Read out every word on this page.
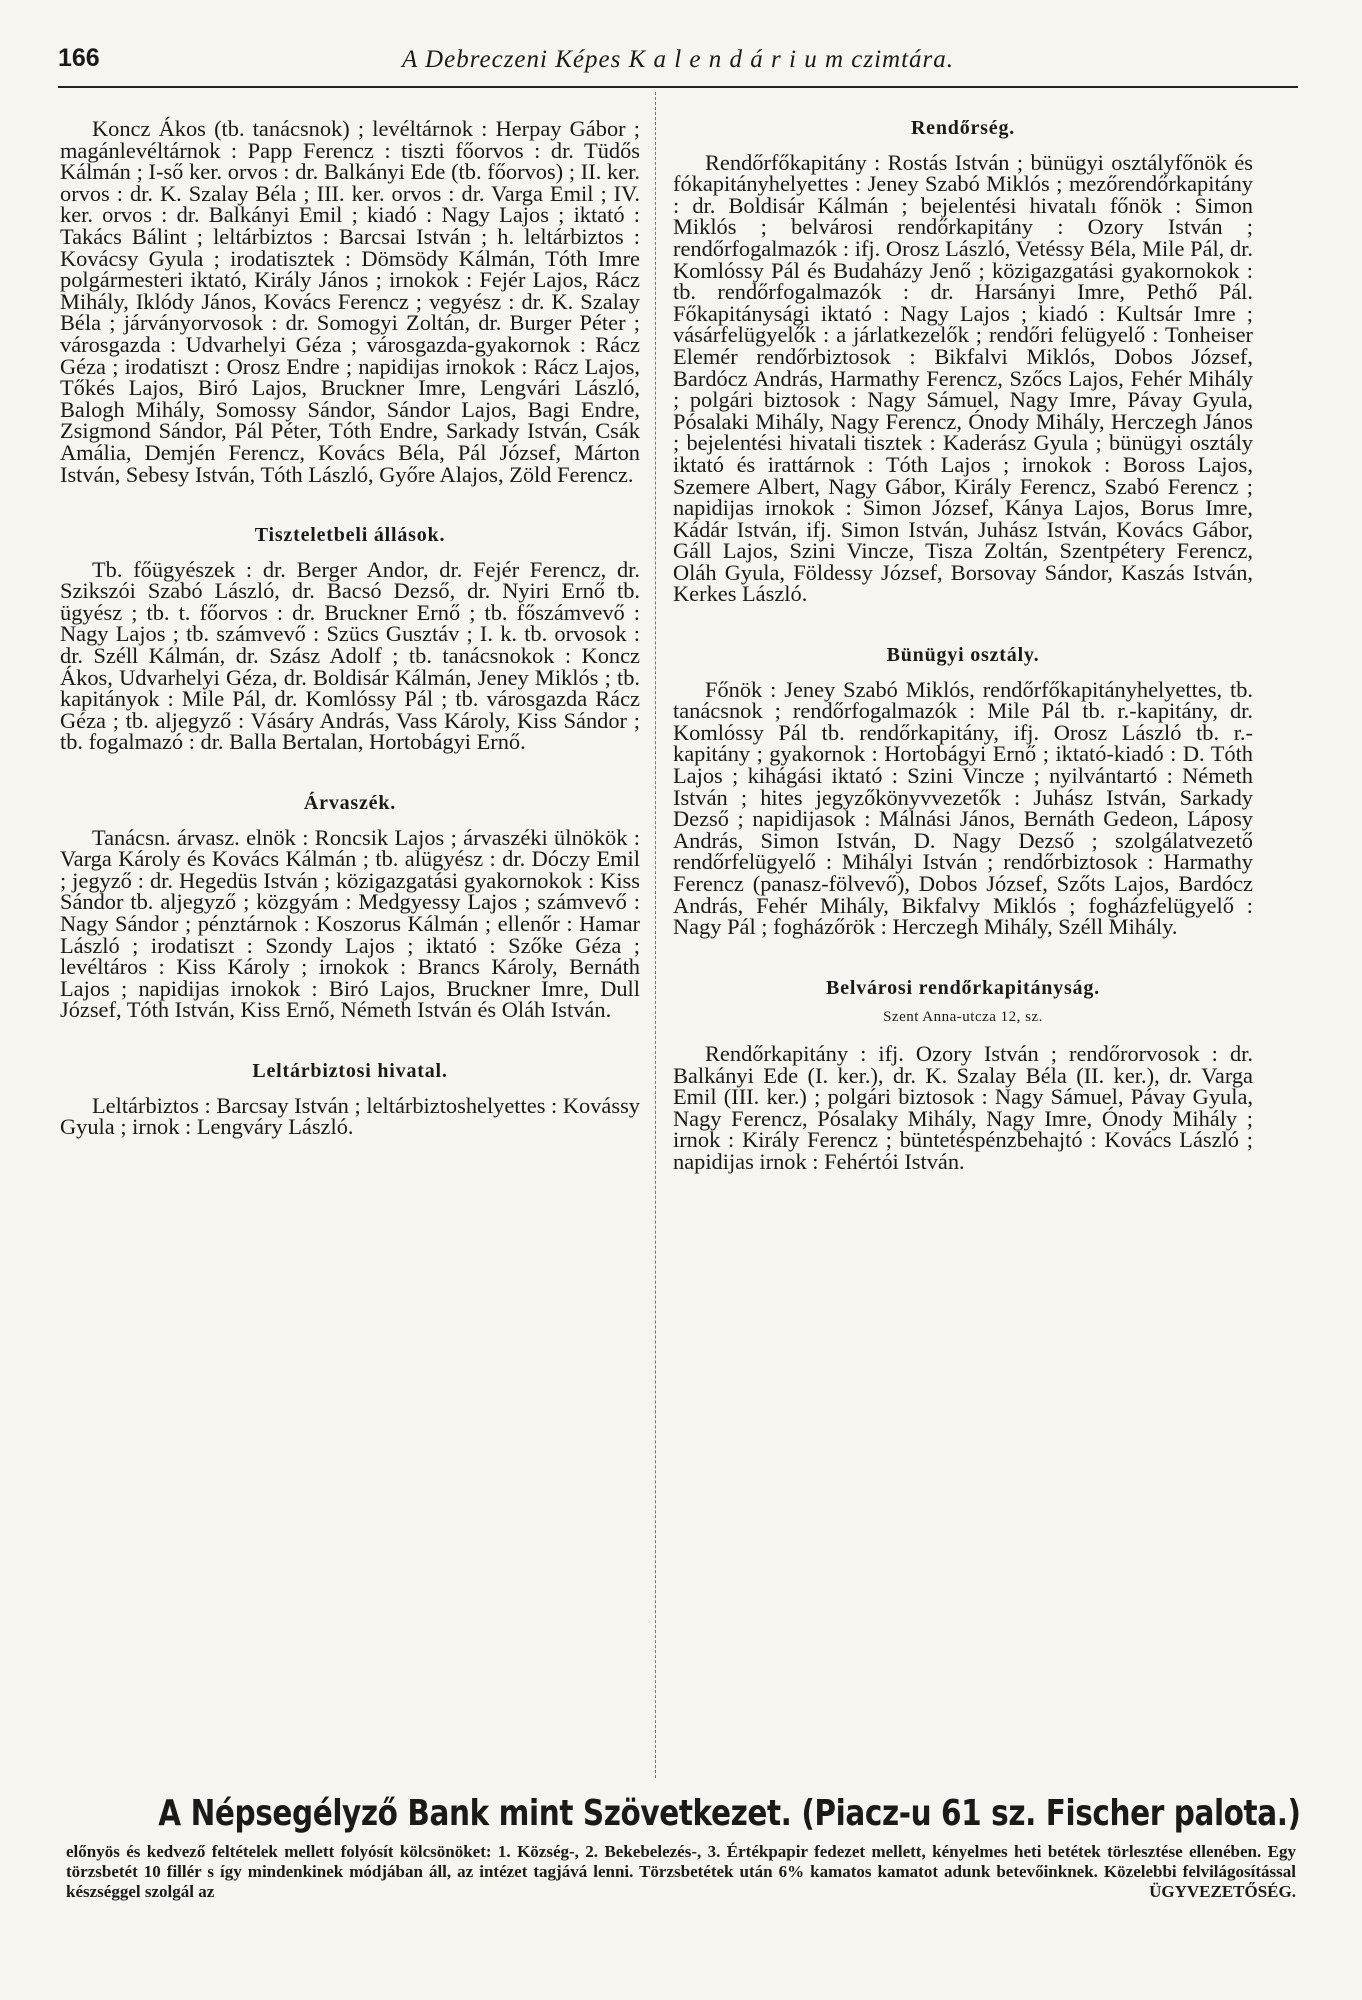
166	A Debreczeni Képes K a l e n d á r i u m czimtára.

Koncz Ákos (tb. tanácsnok) ; levéltárnok : Herpay Gábor ; magánlevéltárnok : Papp Ferencz : tiszti főorvos : dr. Tüdős Kálmán ; I-ső ker. orvos : dr. Balkányi Ede (tb. főorvos) ; II. ker. orvos : dr. K. Szalay Béla ; III. ker. orvos : dr. Varga Emil ; IV. ker. orvos : dr. Balkányi Emil ; kiadó : Nagy Lajos ; iktató : Takács Bálint ; leltárbiztos : Barcsai István ; h. leltárbiztos : Kovácsy Gyula ; irodatisztek : Dömsödy Kálmán, Tóth Imre polgármesteri iktató, Király János ; irnokok : Fejér Lajos, Rácz Mihály, Iklódy János, Kovács Ferencz ; vegyész : dr. K. Szalay Béla ; járványorvosok : dr. Somogyi Zoltán, dr. Burger Péter ; városgazda : Udvarhelyi Géza ; városgazda-gyakornok : Rácz Géza ; irodatiszt : Orosz Endre ; napidijas irnokok : Rácz Lajos, Tőkés Lajos, Biró Lajos, Bruckner Imre, Lengvári László, Balogh Mihály, Somossy Sándor, Sándor Lajos, Bagi Endre, Zsigmond Sándor, Pál Péter, Tóth Endre, Sarkady István, Csák Amália, Demjén Ferencz, Kovács Béla, Pál József, Márton István, Sebesy István, Tóth László, Győre Alajos, Zöld Ferencz.

Tiszteletbeli állások.

Tb. főügyészek : dr. Berger Andor, dr. Fejér Ferencz, dr. Szikszói Szabó László, dr. Bacsó Dezső, dr. Nyiri Ernő tb. ügyész ; tb. t. főorvos : dr. Bruckner Ernő ; tb. főszámvevő : Nagy Lajos ; tb. számvevő : Szücs Gusztáv ; I. k. tb. orvosok : dr. Széll Kálmán, dr. Szász Adolf ; tb. tanácsnokok : Koncz Ákos, Udvarhelyi Géza, dr. Boldisár Kálmán, Jeney Miklós ; tb. kapitányok : Mile Pál, dr. Komlóssy Pál ; tb. városgazda Rácz Géza ; tb. aljegyző : Vásáry András, Vass Károly, Kiss Sándor ; tb. fogalmazó : dr. Balla Bertalan, Hortobágyi Ernő.

Árvaszék.

Tanácsn. árvasz. elnök : Roncsik Lajos ; árvaszéki ülnökök : Varga Károly és Kovács Kálmán ; tb. alügyész : dr. Dóczy Emil ; jegyző : dr. Hegedüs István ; közigazgatási gyakornokok : Kiss Sándor tb. aljegyző ; közgyám : Medgyessy Lajos ; számvevő : Nagy Sándor ; pénztárnok : Koszorus Kálmán ; ellenőr : Hamar László ; irodatiszt : Szondy Lajos ; iktató : Szőke Géza ; levéltáros : Kiss Károly ; irnokok : Brancs Károly, Bernáth Lajos ; napidijas irnokok : Biró Lajos, Bruckner Imre, Dull József, Tóth István, Kiss Ernő, Németh István és Oláh István.

Leltárbiztosi hivatal.

Leltárbiztos : Barcsay István ; leltárbiztoshelyettes : Kovássy Gyula ; irnok : Lengváry László.

Rendőrség.

Rendőrfőkapitány : Rostás István ; bünügyi osztályfőnök és fókapitányhelyettes : Jeney Szabó Miklós ; mezőrendőrkapitány : dr. Boldisár Kálmán ; bejelentési hivatalı főnök : Simon Miklós ; belvárosi rendőrkapitány : Ozory István ; rendőrfogalmazók : ifj. Orosz László, Vetéssy Béla, Mile Pál, dr. Komlóssy Pál és Budaházy Jenő ; közigazgatási gyakornokok : tb. rendőrfogalmazók : dr. Harsányi Imre, Pethő Pál. Főkapitánysági iktató : Nagy Lajos ; kiadó : Kultsár Imre ; vásárfelügyelők : a járlatkezelők ; rendőri felügyelő : Tonheiser Elemér rendőrbiztosok : Bikfalvi Miklós, Dobos József, Bardócz András, Harmathy Ferencz, Szőcs Lajos, Fehér Mihály ; polgári biztosok : Nagy Sámuel, Nagy Imre, Pávay Gyula, Pósalaki Mihály, Nagy Ferencz, Ónody Mihály, Herczegh János ; bejelentési hivatali tisztek : Kaderász Gyula ; bünügyi osztály iktató és irattárnok : Tóth Lajos ; irnokok : Boross Lajos, Szemere Albert, Nagy Gábor, Király Ferencz, Szabó Ferencz ; napidijas irnokok : Simon József, Kánya Lajos, Borus Imre, Kádár István, ifj. Simon István, Juhász István, Kovács Gábor, Gáll Lajos, Szini Vincze, Tisza Zoltán, Szentpétery Ferencz, Oláh Gyula, Földessy József, Borsovay Sándor, Kaszás István, Kerkes László.

Bünügyi osztály.

Főnök : Jeney Szabó Miklós, rendőrfőkapitányhelyettes, tb. tanácsnok ; rendőrfogalmazók : Mile Pál tb. r.-kapitány, dr. Komlóssy Pál tb. rendőrkapitány, ifj. Orosz László tb. r.-kapitány ; gyakornok : Hortobágyi Ernő ; iktató-kiadó : D. Tóth Lajos ; kihágási iktató : Szini Vincze ; nyilvántartó : Németh István ; hites jegyzőkönyvvezetők : Juhász István, Sarkady Dezső ; napidijasok : Málnási János, Bernáth Gedeon, Láposy András, Simon István, D. Nagy Dezső ; szolgálatvezető rendőrfelügyelő : Mihályi István ; rendőrbiztosok : Harmathy Ferencz (panasz-fölvevő), Dobos József, Szőts Lajos, Bardócz András, Fehér Mihály, Bikfalvy Miklós ; fogházfelügyelő : Nagy Pál ; fogházőrök : Herczegh Mihály, Széll Mihály.

Belvárosi rendőrkapitányság.

Szent Anna-utcza 12, sz.

Rendőrkapitány : ifj. Ozory István ; rendőrorvosok : dr. Balkányi Ede (I. ker.), dr. K. Szalay Béla (II. ker.), dr. Varga Emil (III. ker.) ; polgári biztosok : Nagy Sámuel, Pávay Gyula, Nagy Ferencz, Pósalaky Mihály, Nagy Imre, Ónody Mihály ; irnok : Király Ferencz ; büntetéspénzbehajtó : Kovács László ; napidijas irnok : Fehértói István.

A Népsegélyző Bank mint Szövetkezet. (Piacz-u 61 sz. Fischer palota.)
előnyös és kedvező feltételek mellett folyósít kölcsönöket: 1. Község-, 2. Bekebelezés-, 3. Értékpapir fedezet mellett, kényelmes heti betétek törlesztése ellenében. Egy törzsbetét 10 fillér s így mindenkinek módjában áll, az intézet tagjává lenni. Törzsbetétek után 6% kamatos kamatot adunk betevőinknek. Közelebbi felvilágosítással készséggel szolgál az	ÜGYVEZETŐSÉG.
